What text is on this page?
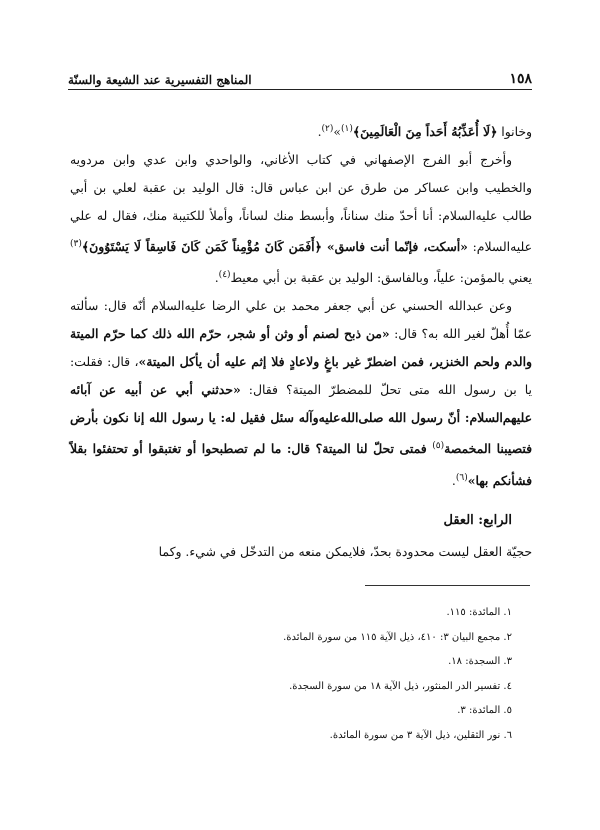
١٥٨
المناهج التفسيرية عند الشيعة والسنّة

وخانوا ﴿لَا أُعَذِّبُهُ أَحَداً مِنَ الْعَالَمِينَ﴾$^{(١)}$»$^{(٢)}$.

وأخرج أبو الفرج الإصفهاني في كتاب الأغاني، والواحدي وابن عدي وابن مردويه والخطيب وابن عساكر من طرق عن ابن عباس قال: قال الوليد بن عقبة لعلي بن أبي طالب عليه‌السلام: أنا أحدّ منك سناناً، وأبسط منك لساناً، وأملأ للكتيبة منك، فقال له علي عليه‌السلام: «أسكت، فإنّما أنت فاسق» ﴿أَفَمَن كَانَ مُؤْمِناً كَمَن كَانَ فَاسِقاً لَا يَسْتَوُونَ﴾$^{(٣)}$ يعني بالمؤمن: علياً، وبالفاسق: الوليد بن عقبة بن أبي معيط$^{(٤)}$.

وعن عبدالله الحسني عن أبي جعفر محمد بن علي الرضا عليه‌السلام أنّه قال: سألته عمّا أُهلّ لغير الله به؟ قال: «من ذبح لصنم أو وثن أو شجر، حرّم الله ذلك كما حرّم الميتة والدم ولحم الخنزير، فمن اضطرّ غير باغٍ ولاعادٍ فلا إثم عليه أن يأكل الميتة»، قال: فقلت: يا بن رسول الله متى تحلّ للمضطرّ الميتة؟ فقال: «حدثني أبي عن أبيه عن آبائه عليهم‌السلام: أنّ رسول الله صلى‌الله‌عليه‌وآله سئل فقيل له: يا رسول الله إنا نكون بأرض فتصيبنا المخمصة$^{(٥)}$ فمتى تحلّ لنا الميتة؟ قال: ما لم تصطبحوا أو تغتبقوا أو تحتفئوا بقلاً فشأنكم بها»$^{(٦)}$.

الرابع: العقل
حجيّة العقل ليست محدودة بحدّ، فلايمكن منعه من التدخّل في شيء. وكما
١. المائدة: ١١٥.
٢. مجمع البيان ٣: ٤١٠، ذيل الآية ١١٥ من سورة المائدة.
٣. السجدة: ١٨.
٤. تفسير الدر المنثور، ذيل الآية ١٨ من سورة السجدة.
٥. المائدة: ٣.
٦. نور الثقلين، ذيل الآية ٣ من سورة المائدة.
